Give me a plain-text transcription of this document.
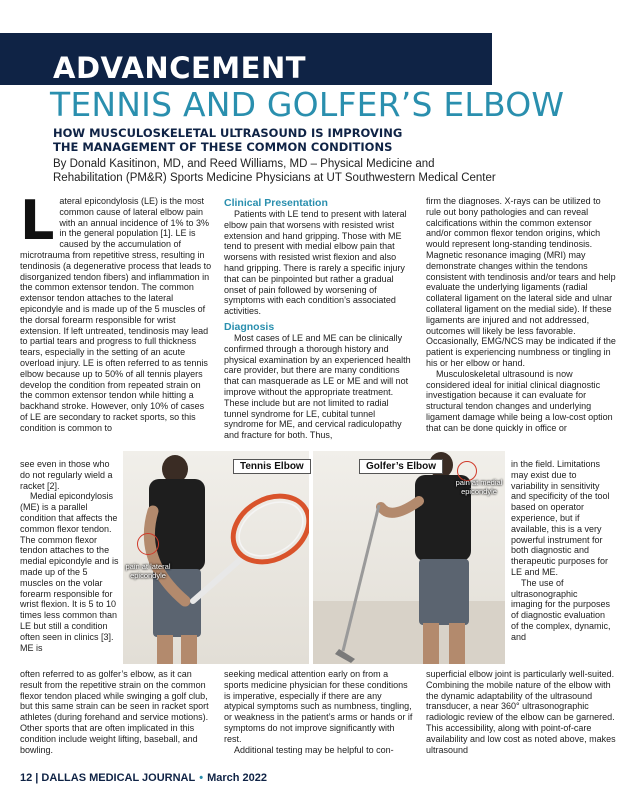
ADVANCEMENT
TENNIS AND GOLFER’S ELBOW
HOW MUSCULOSKELETAL ULTRASOUND IS IMPROVING
THE MANAGEMENT OF THESE COMMON CONDITIONS
By Donald Kasitinon, MD, and Reed Williams, MD – Physical Medicine and
Rehabilitation (PM&R) Sports Medicine Physicians at UT Southwestern Medical Center
L ateral epicondylosis (LE) is the most common cause of lateral elbow pain with an annual incidence of 1% to 3% in the general population [1]. LE is caused by the accumulation of microtrauma from repetitive stress, resulting in tendinosis (a degenerative process that leads to disorganized tendon fibers) and inflammation in the common extensor tendon. The common extensor tendon attaches to the lateral epicondyle and is made up of the 5 muscles of the dorsal forearm responsible for wrist extension. If left untreated, tendinosis may lead to partial tears and progress to full thickness tears, especially in the setting of an acute overload injury. LE is often referred to as tennis elbow because up to 50% of all tennis players develop the condition from repeated strain on the common extensor tendon while hitting a backhand stroke. However, only 10% of cases of LE are secondary to racket sports, so this condition is common to

see even in those who do not regularly wield a racket [2].

Medial epicondylosis (ME) is a parallel condition that affects the common flexor tendon. The common flexor tendon attaches to the medial epicondyle and is made up of the 5 muscles on the volar forearm responsible for wrist flexion. It is 5 to 10 times less common than LE but still a condition often seen in clinics [3]. ME is

often referred to as golfer’s elbow, as it can result from the repetitive strain on the common flexor tendon placed while swinging a golf club, but this same strain can be seen in racket sport athletes (during forehand and service motions). Other sports that are often implicated in this condition include weight lifting, baseball, and bowling.

Clinical Presentation

Patients with LE tend to present with lateral elbow pain that worsens with resisted wrist extension and hand gripping. Those with ME tend to present with medial elbow pain that worsens with resisted wrist flexion and also hand gripping. There is rarely a specific injury that can be pinpointed but rather a gradual onset of pain followed by worsening of symptoms with each condition’s associated activities.

Diagnosis

Most cases of LE and ME can be clinically confirmed through a thorough history and physical examination by an experienced health care provider, but there are many conditions that can masquerade as LE or ME and will not improve without the appropriate treatment. These include but are not limited to radial tunnel syndrome for LE, cubital tunnel syndrome for ME, and cervical radiculopathy and fracture for both. Thus,

seeking medical attention early on from a sports medicine physician for these conditions is imperative, especially if there are any atypical symptoms such as numbness, tingling, or weakness in the patient’s arms or hands or if symptoms do not improve significantly with rest.

Additional testing may be helpful to con-

firm the diagnoses. X-rays can be utilized to rule out bony pathologies and can reveal calcifications within the common extensor and/or common flexor tendon origins, which would represent long-standing tendinosis. Magnetic resonance imaging (MRI) may demonstrate changes within the tendons consistent with tendinosis and/or tears and help evaluate the underlying ligaments (radial collateral ligament on the lateral side and ulnar collateral ligament on the medial side). If these ligaments are injured and not addressed, outcomes will likely be less favorable. Occasionally, EMG/NCS may be indicated if the patient is experiencing numbness or tingling in his or her elbow or hand.

Musculoskeletal ultrasound is now considered ideal for initial clinical diagnostic investigation because it can evaluate for structural tendon changes and underlying ligament damage while being a low-cost option that can be done quickly in office or

in the field. Limitations may exist due to variability in sensitivity and specificity of the tool based on operator experience, but if available, this is a very powerful instrument for both diagnostic and therapeutic purposes for LE and ME.

The use of ultrasonographic imaging for the purposes of diagnostic evaluation of the complex, dynamic, and

superficial elbow joint is particularly well-suited. Combining the mobile nature of the elbow with the dynamic adaptability of the ultrasound transducer, a near 360° ultrasonographic radiologic review of the elbow can be garnered. This accessibility, along with point-of-care availability and low cost as noted above, makes ultrasound

Tennis Elbow	Golfer’s Elbow
pain at lateral epicondyle
pain at medial epicondyle
12 | DALLAS MEDICAL JOURNAL • March 2022
